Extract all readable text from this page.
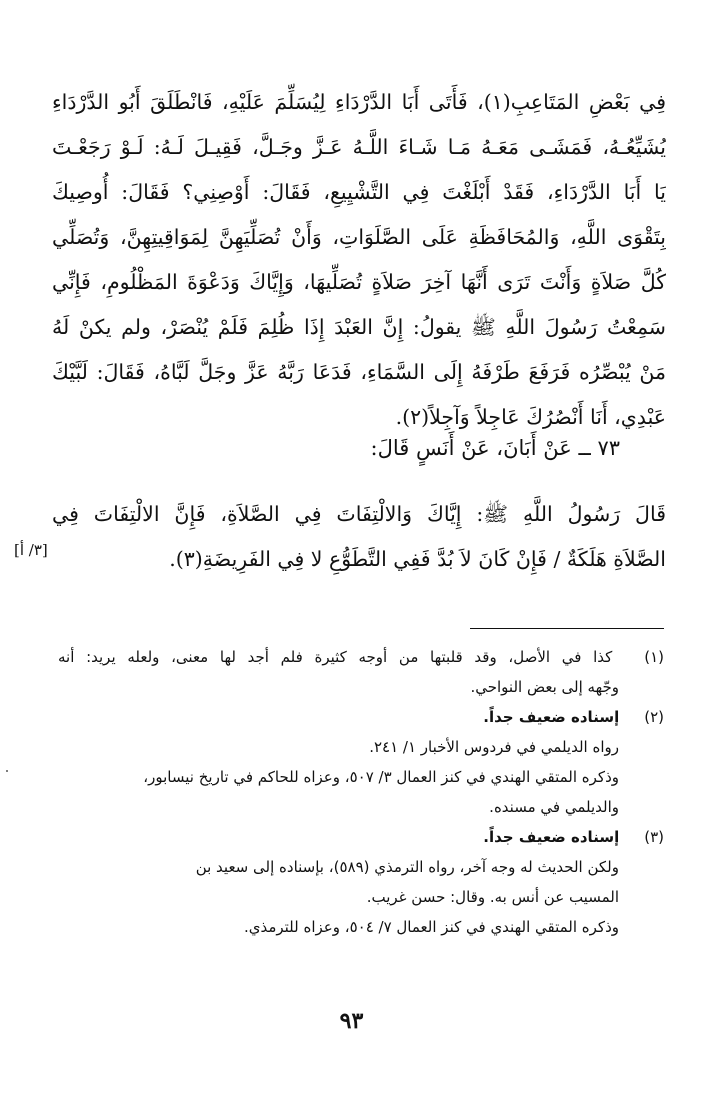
فِي بَعْضِ المَتَاعِبِ(١)، فَأَتَى أَبَا الدَّرْدَاءِ لِيُسَلِّمَ عَلَيْهِ، فَانْطَلَقَ أَبُو الدَّرْدَاءِ
يُشَيِّعُـهُ، فَمَشَـى مَعَـهُ مَـا شَـاءَ اللَّـهُ عَـزَّ وجَـلَّ، فَقِيـلَ لَـهُ: لَـوْ رَجَعْـتَ
يَا أَبَا الدَّرْدَاءِ، فَقَدْ أَبْلَغْتَ فِي التَّشْيِيعِ، فَقَالَ: أَوْصِنِي؟ فَقَالَ: أُوصِيكَ
بِتَقْوَى اللَّهِ، وَالمُحَافَظَةِ عَلَى الصَّلَوَاتِ، وَأَنْ تُصَلِّيَهِنَّ لِمَوَاقِيتِهِنَّ، وَتُصَلِّي
كُلَّ صَلاَةٍ وَأَنْتَ تَرَى أَنَّهَا آخِرَ صَلاَةٍ تُصَلِّيهَا، وَإِيَّاكَ وَدَعْوَةَ المَظْلُومِ، فَإِنِّي
سَمِعْتُ رَسُولَ اللَّهِ ﷺ يقولُ: إِنَّ العَبْدَ إِذَا ظُلِمَ فَلَمْ يُنْصَرْ، ولم يكنْ لَهُ
مَنْ يُبْصِّرُه فَرَفَعَ طَرْفَهُ إِلَى السَّمَاءِ، فَدَعَا رَبَّهُ عَزَّ وجَلَّ لَبَّاهُ، فَقَالَ: لَبَّيْكَ
عَبْدِي، أَنَا أَنْصُرُكَ عَاجِلاً وَآجِلاً(٢).
٧٣ ــ عَنْ أَبَانَ، عَنْ أَنَسٍ قَالَ:
قَالَ رَسُولُ اللَّهِ ﷺ: إِيَّاكَ وَالالْتِفَاتَ فِي الصَّلاَةِ، فَإِنَّ الالْتِفَاتَ فِي
الصَّلاَةِ هَلَكَةٌ / فَإِنْ كَانَ لاَ بُدَّ فَفِي التَّطَوُّعِ لا فِي الفَرِيضَةِ(٣).
[٣/ أ]
(١) كذا في الأصل، وقد قلبتها من أوجه كثيرة فلم أجد لها معنى، ولعله يريد: أنه
وجّهه إلى بعض النواحي.
(٢) إسناده ضعيف جداً.
رواه الديلمي في فردوس الأخبار ١/ ٢٤١.
وذكره المتقي الهندي في كنز العمال ٣/ ٥٠٧، وعزاه للحاكم في تاريخ نيسابور،
والديلمي في مسنده.
(٣) إسناده ضعيف جداً.
ولكن الحديث له وجه آخر، رواه الترمذي (٥٨٩)، بإسناده إلى سعيد بن
المسيب عن أنس به. وقال: حسن غريب.
وذكره المتقي الهندي في كنز العمال ٧/ ٥٠٤، وعزاه للترمذي.
٩٣
